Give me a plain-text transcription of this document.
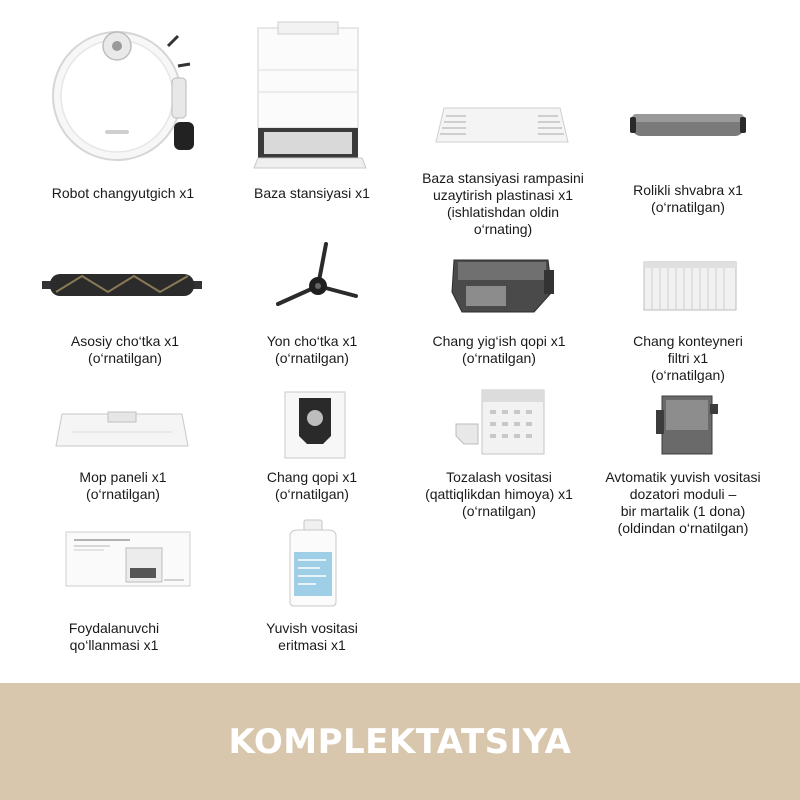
Robot changyutgich x1	Baza stansiyasi x1
Baza stansiyasi rampasini
uzaytirish plastinasi x1
(ishlatishdan oldin
o‘rnating)
Rolikli shvabra x1
(o‘rnatilgan)
Asosiy cho‘tka x1
(o‘rnatilgan)
Yon cho‘tka x1
(o‘rnatilgan)
Chang yig‘ish qopi x1
(o‘rnatilgan)
Chang konteyneri
filtri x1
(o‘rnatilgan)
Mop paneli x1
(o‘rnatilgan)
Chang qopi x1
(o‘rnatilgan)
Tozalash vositasi
(qattiqlikdan himoya) x1
(o‘rnatilgan)
Avtomatik yuvish vositasi
dozatori moduli –
bir martalik (1 dona)
(oldindan o‘rnatilgan)
Foydalanuvchi
qo‘llanmasi x1
Yuvish vositasi
eritmasi x1
KOMPLEKTATSIYA
